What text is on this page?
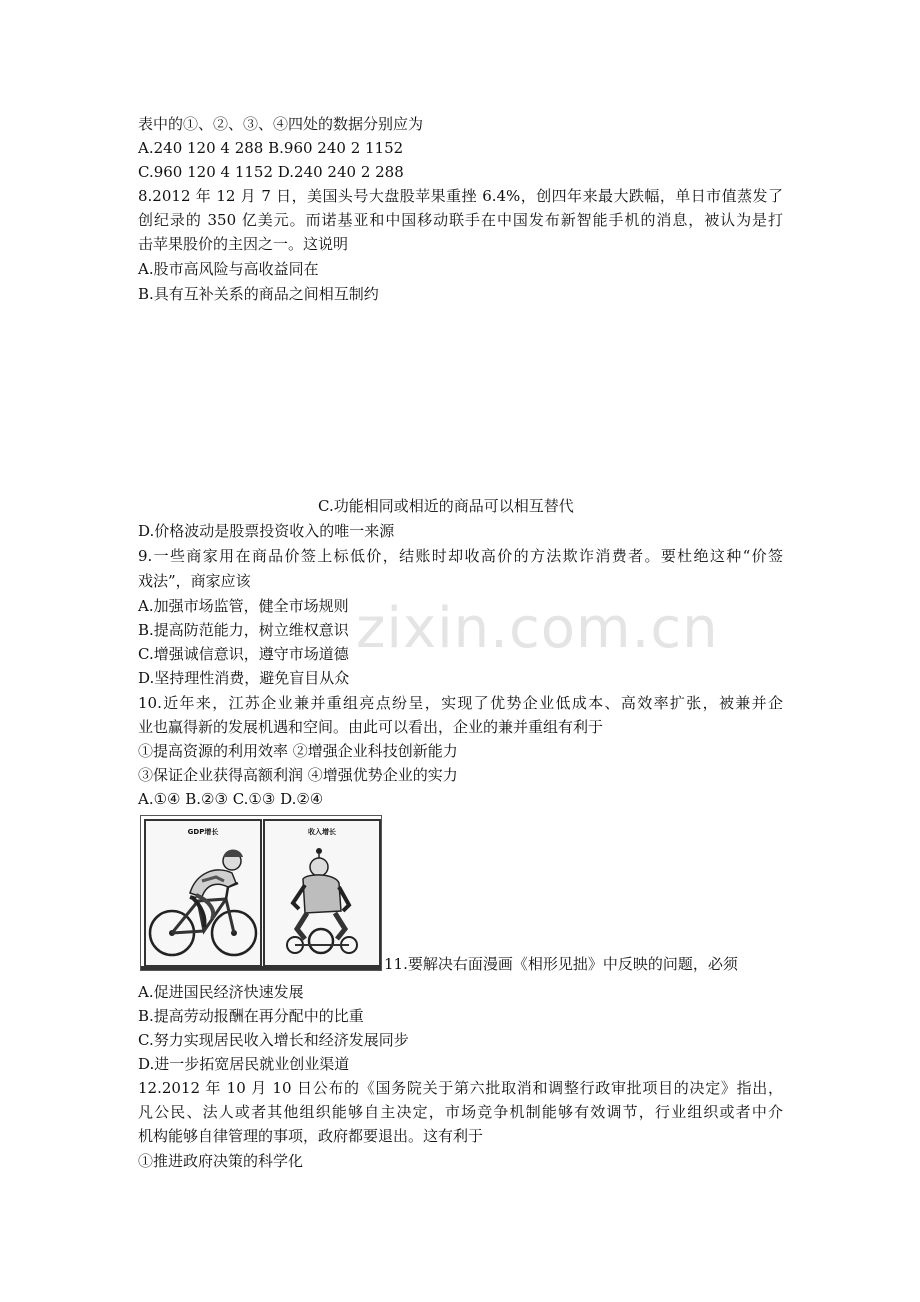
zixin.com.cn
表中的①、②、③、④四处的数据分别应为
A.240 120 4 288 B.960 240 2 1152
C.960 120 4 1152 D.240 240 2 288
8.2012 年 12 月 7 日，美国头号大盘股苹果重挫 6.4%，创四年来最大跌幅，单日市值蒸发了
创纪录的 350 亿美元。而诺基亚和中国移动联手在中国发布新智能手机的消息，被认为是打
击苹果股价的主因之一。这说明
A.股市高风险与高收益同在
B.具有互补关系的商品之间相互制约
C.功能相同或相近的商品可以相互替代
D.价格波动是股票投资收入的唯一来源
9.一些商家用在商品价签上标低价，结账时却收高价的方法欺诈消费者。要杜绝这种“价签
戏法”，商家应该
A.加强市场监管，健全市场规则
B.提高防范能力，树立维权意识
C.增强诚信意识，遵守市场道德
D.坚持理性消费，避免盲目从众
10.近年来，江苏企业兼并重组亮点纷呈，实现了优势企业低成本、高效率扩张，被兼并企
业也赢得新的发展机遇和空间。由此可以看出，企业的兼并重组有利于
①提高资源的利用效率 ②增强企业科技创新能力
③保证企业获得高额利润 ④增强优势企业的实力
A.①④ B.②③ C.①③ D.②④
GDP增长	收入增长
11.要解决右面漫画《相形见拙》中反映的问题，必须
A.促进国民经济快速发展
B.提高劳动报酬在再分配中的比重
C.努力实现居民收入增长和经济发展同步
D.进一步拓宽居民就业创业渠道
12.2012 年 10 月 10 日公布的《国务院关于第六批取消和调整行政审批项目的决定》指出，
凡公民、法人或者其他组织能够自主决定，市场竞争机制能够有效调节，行业组织或者中介
机构能够自律管理的事项，政府都要退出。这有利于
①推进政府决策的科学化
